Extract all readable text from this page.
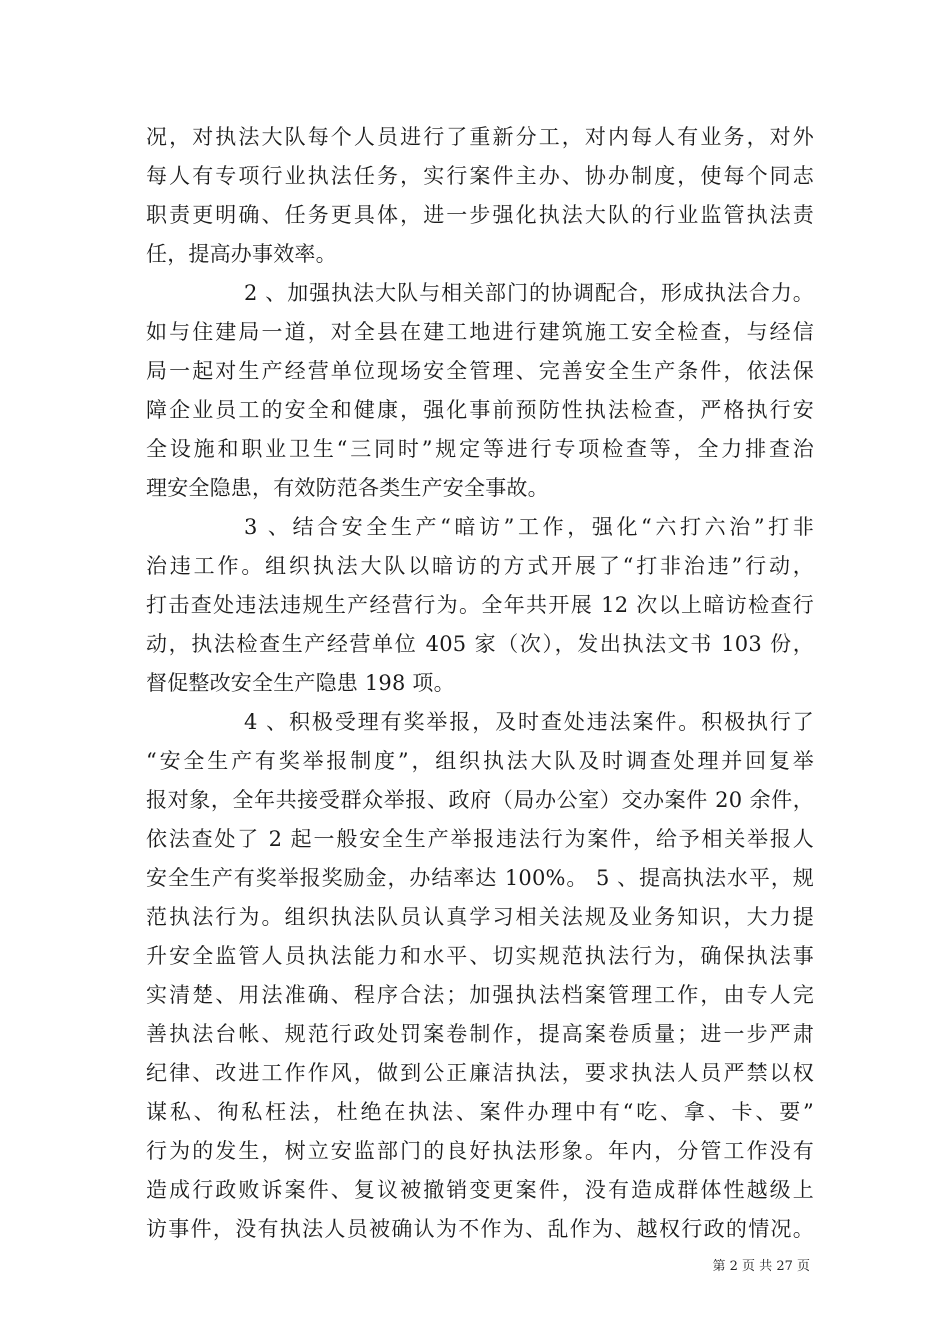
况，对执法大队每个人员进行了重新分工，对内每人有业务，对外
每人有专项行业执法任务，实行案件主办、协办制度，使每个同志
职责更明确、任务更具体，进一步强化执法大队的行业监管执法责
任，提高办事效率。
2 、加强执法大队与相关部门的协调配合，形成执法合力。
如与住建局一道，对全县在建工地进行建筑施工安全检查，与经信
局一起对生产经营单位现场安全管理、完善安全生产条件，依法保
障企业员工的安全和健康，强化事前预防性执法检查，严格执行安
全设施和职业卫生“三同时”规定等进行专项检查等，全力排查治
理安全隐患，有效防范各类生产安全事故。
3 、结合安全生产“暗访”工作，强化“六打六治”打非
治违工作。组织执法大队以暗访的方式开展了“打非治违”行动，
打击查处违法违规生产经营行为。全年共开展 12 次以上暗访检查行
动，执法检查生产经营单位 405 家（次），发出执法文书 103 份，
督促整改安全生产隐患 198 项。
4 、积极受理有奖举报，及时查处违法案件。积极执行了
“安全生产有奖举报制度”，组织执法大队及时调查处理并回复举
报对象，全年共接受群众举报、政府（局办公室）交办案件 20 余件，
依法查处了 2 起一般安全生产举报违法行为案件，给予相关举报人
安全生产有奖举报奖励金，办结率达 100%。 5 、提高执法水平，规
范执法行为。组织执法队员认真学习相关法规及业务知识，大力提
升安全监管人员执法能力和水平、切实规范执法行为，确保执法事
实清楚、用法准确、程序合法；加强执法档案管理工作，由专人完
善执法台帐、规范行政处罚案卷制作，提高案卷质量；进一步严肃
纪律、改进工作作风，做到公正廉洁执法，要求执法人员严禁以权
谋私、徇私枉法，杜绝在执法、案件办理中有“吃、拿、卡、要”
行为的发生，树立安监部门的良好执法形象。年内，分管工作没有
造成行政败诉案件、复议被撤销变更案件，没有造成群体性越级上
访事件，没有执法人员被确认为不作为、乱作为、越权行政的情况。
第 2 页 共 27 页
